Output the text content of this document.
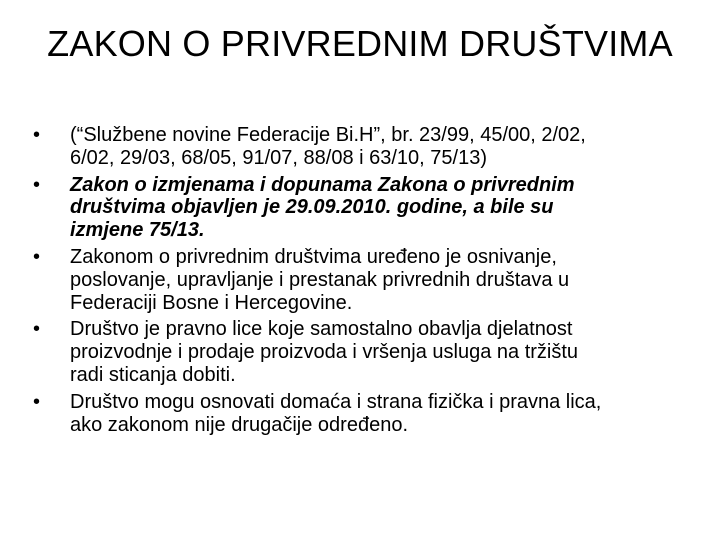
ZAKON O PRIVREDNIM DRUŠTVIMA
• (“Službene novine Federacije Bi.H”, br. 23/99, 45/00, 2/02,
6/02, 29/03, 68/05, 91/07, 88/08 i 63/10, 75/13)
• Zakon o izmjenama i dopunama Zakona o privrednim
društvima objavljen je 29.09.2010. godine, a bile su
izmjene 75/13.
• Zakonom o privrednim društvima uređeno je osnivanje,
poslovanje, upravljanje i prestanak privrednih društava u
Federaciji Bosne i Hercegovine.
• Društvo je pravno lice koje samostalno obavlja djelatnost
proizvodnje i prodaje proizvoda i vršenja usluga na tržištu
radi sticanja dobiti.
• Društvo mogu osnovati domaća i strana fizička i pravna lica,
ako zakonom nije drugačije određeno.
